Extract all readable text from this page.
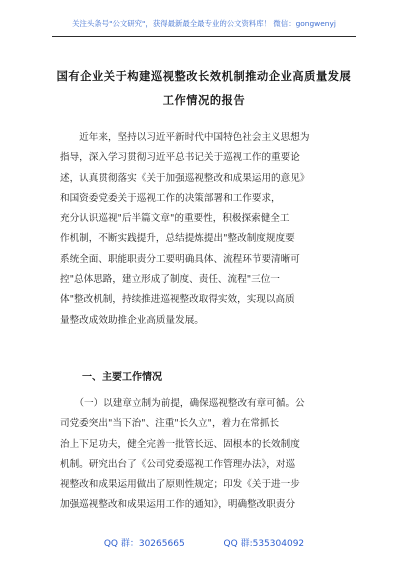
关注头条号"公文研究"，获得最新最全最专业的公文资料库！ 微信：gongwenyj
国有企业关于构建巡视整改长效机制推动企业高质量发展
工作情况的报告
　　近年来，坚持以习近平新时代中国特色社会主义思想为
指导，深入学习贯彻习近平总书记关于巡视工作的重要论
述，认真贯彻落实《关于加强巡视整改和成果运用的意见》
和国资委党委关于巡视工作的决策部署和工作要求，
充分认识巡视"后半篇文章"的重要性，积极探索健全工
作机制，不断实践提升，总结提炼提出"整改制度规度要
系统全面、职能职责分工要明确具体、流程环节要清晰可
控"总体思路，建立形成了制度、责任、流程"三位一
体"整改机制，持续推进巡视整改取得实效，实现以高质
量整改成效助推企业高质量发展。
一、主要工作情况
　　（一）以建章立制为前提，确保巡视整改有章可循。公
司党委突出"当下治"、注重"长久立"，着力在常抓长
治上下足功夫，健全完善一批管长远、固根本的长效制度
机制。研究出台了《公司党委巡视工作管理办法》，对巡
视整改和成果运用做出了原则性规定；印发《关于进一步
加强巡视整改和成果运用工作的通知》，明确整改职责分
QQ 群：30265665	QQ 群:535304092
